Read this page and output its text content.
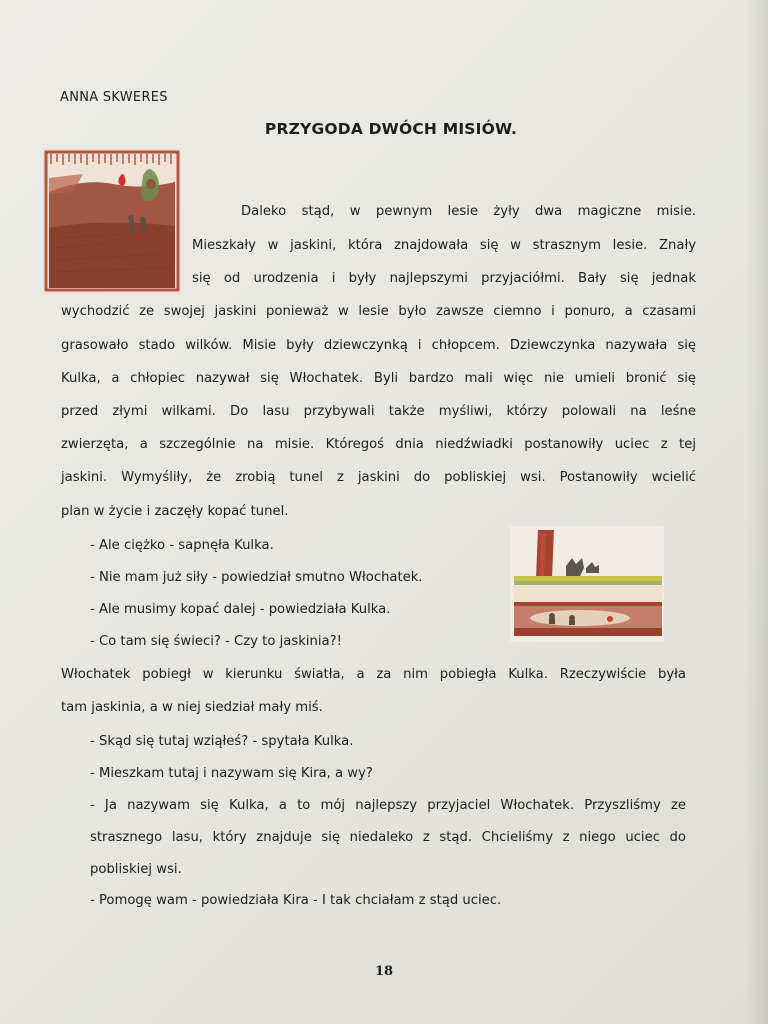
ANNA SKWERES
PRZYGODA DWÓCH MISIÓW.
Daleko stąd, w pewnym lesie żyły dwa magiczne misie.
Mieszkały w jaskini, która znajdowała się w strasznym lesie. Znały
się od urodzenia i były najlepszymi przyjaciółmi. Bały się jednak
wychodzić ze swojej jaskini ponieważ w lesie było zawsze ciemno i ponuro, a czasami
grasowało stado wilków. Misie były dziewczynką i chłopcem. Dziewczynka nazywała się
Kulka, a chłopiec nazywał się Włochatek. Byli bardzo mali więc nie umieli bronić się
przed złymi wilkami. Do lasu przybywali także myśliwi, którzy polowali na leśne
zwierzęta, a szczególnie na misie. Któregoś dnia niedźwiadki postanowiły uciec z tej
jaskini. Wymyśliły, że zrobią tunel z jaskini do pobliskiej wsi. Postanowiły wcielić
plan w życie i zaczęły kopać tunel.
- Ale ciężko - sapnęła Kulka.
- Nie mam już siły - powiedział smutno Włochatek.
- Ale musimy kopać dalej - powiedziała Kulka.
- Co tam się świeci? - Czy to jaskinia?!
Włochatek pobiegł w kierunku światła, a za nim pobiegła Kulka. Rzeczywiście była
tam jaskinia, a w niej siedział mały miś.
- Skąd się tutaj wziąłeś? - spytała Kulka.
- Mieszkam tutaj i nazywam się Kira, a wy?
- Ja nazywam się Kulka, a to mój najlepszy przyjaciel Włochatek. Przyszliśmy ze
strasznego lasu, który znajduje się niedaleko z stąd. Chcieliśmy z niego uciec do
pobliskiej wsi.
- Pomogę wam - powiedziała Kira - I tak chciałam z stąd uciec.
18
